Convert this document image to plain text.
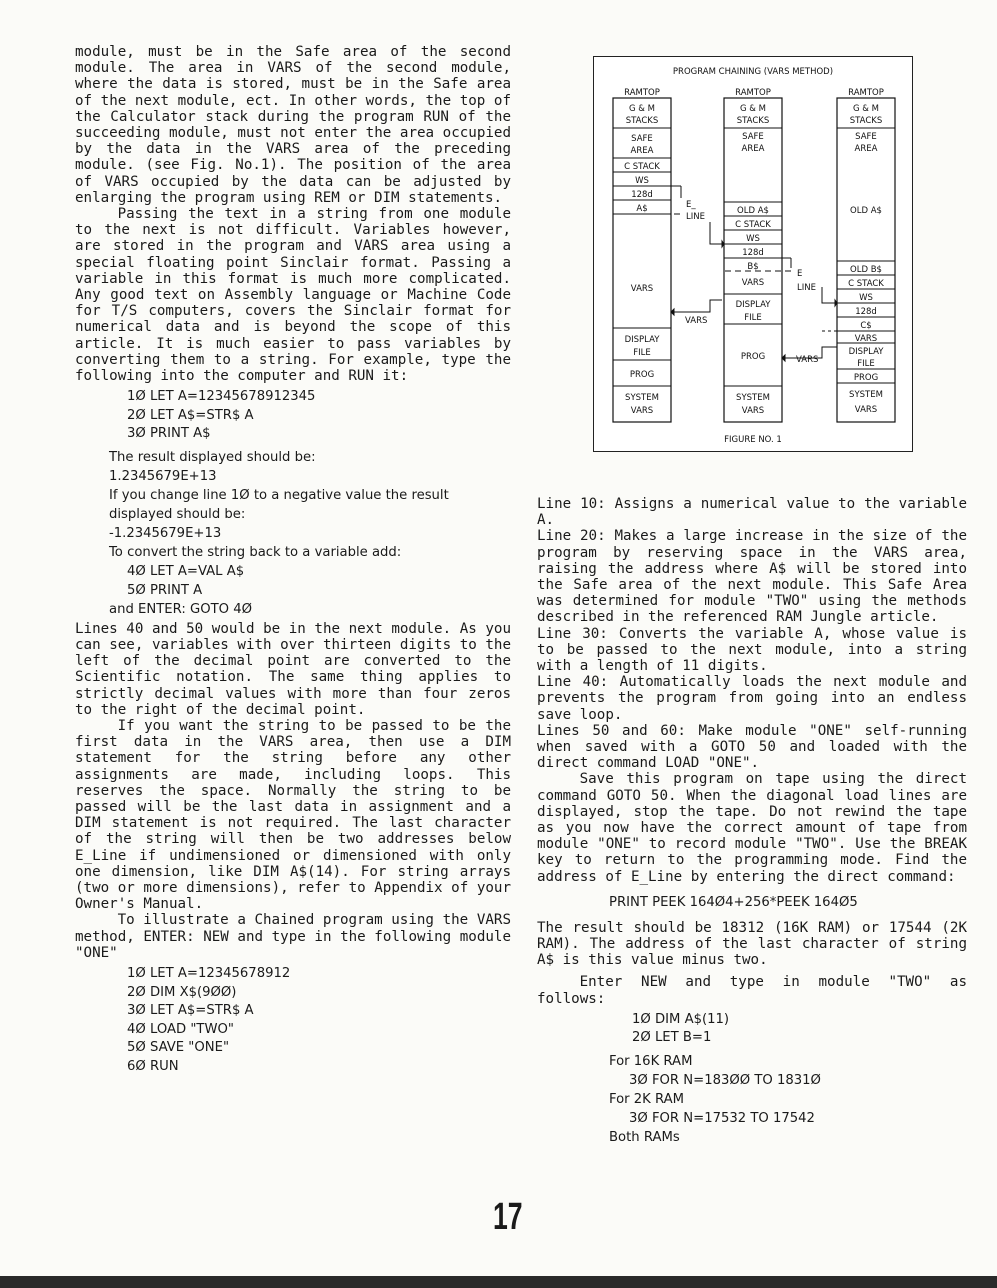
module, must be in the Safe area of the second module. The area in VARS of the second module, where the data is stored, must be in the Safe area of the next module, ect. In other words, the top of the Calculator stack during the program RUN of the succeeding module, must not enter the area occupied by the data in the VARS area of the preceding module. (see Fig. No.1). The position of the area of VARS occupied by the data can be adjusted by enlarging the program using REM or DIM statements.

Passing the text in a string from one module to the next is not difficult. Variables however, are stored in the program and VARS area using a special floating point Sinclair format. Passing a variable in this format is much more complicated. Any good text on Assembly language or Machine Code for T/S computers, covers the Sinclair format for numerical data and is beyond the scope of this article. It is much easier to pass variables by converting them to a string. For example, type the following into the computer and RUN it:

1Ø LET A=12345678912345
2Ø LET A$=STR$ A
3Ø PRINT A$

The result displayed should be:

1.2345679E+13

If you change line 1Ø to a negative value the result displayed should be:

-1.2345679E+13

To convert the string back to a variable add:

4Ø LET A=VAL A$
5Ø PRINT A

and ENTER: GOTO 4Ø

Lines 40 and 50 would be in the next module. As you can see, variables with over thirteen digits to the left of the decimal point are converted to the Scientific notation. The same thing applies to strictly decimal values with more than four zeros to the right of the decimal point.

If you want the string to be passed to be the first data in the VARS area, then use a DIM statement for the string before any other assignments are made, including loops. This reserves the space. Normally the string to be passed will be the last data in assignment and a DIM statement is not required. The last character of the string will then be two addresses below E_Line if undimensioned or dimensioned with only one dimension, like DIM A$(14). For string arrays (two or more dimensions), refer to Appendix of your Owner's Manual.

To illustrate a Chained program using the VARS method, ENTER: NEW and type in the following module "ONE"

1Ø LET A=12345678912
2Ø DIM X$(9ØØ)
3Ø LET A$=STR$ A
4Ø LOAD "TWO"
5Ø SAVE "ONE"
6Ø RUN
PROGRAM CHAINING (VARS METHOD)
RAMTOP
G & M
STACKS
SAFE
AREA
C STACK
WS
128d
A$
VARS
DISPLAY
FILE
PROG
SYSTEM
VARS
RAMTOP
G & M
STACKS
SAFE
AREA
OLD A$
C STACK
WS
128d
B$
VARS
DISPLAY
FILE
PROG
SYSTEM
VARS
RAMTOP
G & M
STACKS
SAFE
AREA
OLD A$
OLD B$
C STACK
WS
128d
C$
VARS
DISPLAY
FILE
PROG
SYSTEM
VARS
E_
LINE
VARS
E
LINE
VARS
FIGURE NO. 1

Line 10: Assigns a numerical value to the variable A.

Line 20: Makes a large increase in the size of the program by reserving space in the VARS area, raising the address where A$ will be stored into the Safe area of the next module. This Safe Area was determined for module "TWO" using the methods described in the referenced RAM Jungle article.

Line 30: Converts the variable A, whose value is to be passed to the next module, into a string with a length of 11 digits.

Line 40: Automatically loads the next module and prevents the program from going into an endless save loop.

Lines 50 and 60: Make module "ONE" self-running when saved with a GOTO 50 and loaded with the direct command LOAD "ONE".

Save this program on tape using the direct command GOTO 50. When the diagonal load lines are displayed, stop the tape. Do not rewind the tape as you now have the correct amount of tape from module "ONE" to record module "TWO". Use the BREAK key to return to the programming mode. Find the address of E_Line by entering the direct command:

PRINT PEEK 164Ø4+256*PEEK 164Ø5

The result should be 18312 (16K RAM) or 17544 (2K RAM). The address of the last character of string A$ is this value minus two.

Enter NEW and type in module "TWO" as follows:

1Ø DIM A$(11)
2Ø LET B=1
For 16K RAM
3Ø FOR N=183ØØ TO 1831Ø
For 2K RAM
3Ø FOR N=17532 TO 17542
Both RAMs
17
